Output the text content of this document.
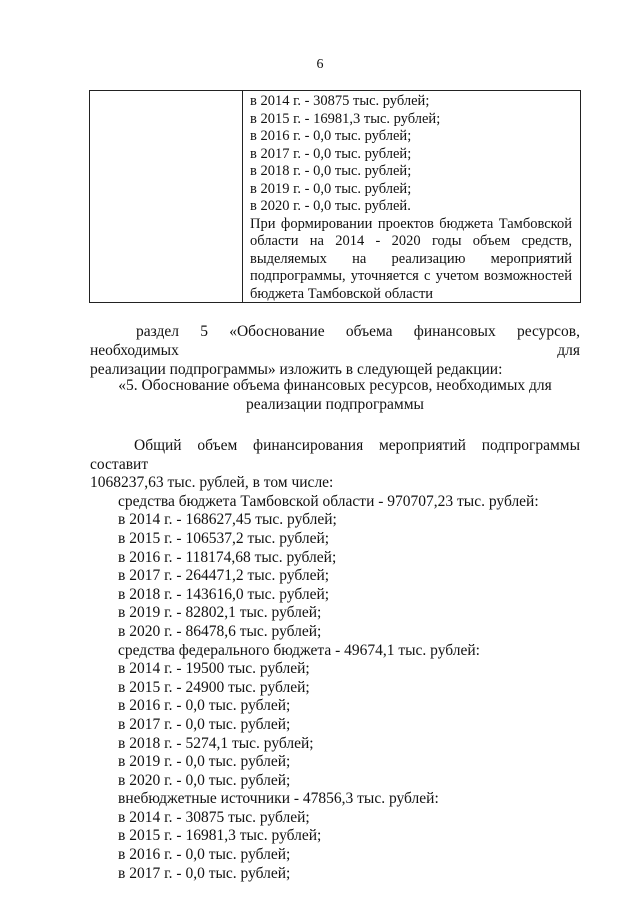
6
в 2014 г. - 30875 тыс. рублей;
в 2015 г. - 16981,3 тыс. рублей;
в 2016 г. - 0,0 тыс. рублей;
в 2017 г. - 0,0 тыс. рублей;
в 2018 г. - 0,0 тыс. рублей;
в 2019 г. - 0,0 тыс. рублей;
в 2020 г. - 0,0 тыс. рублей.
При формировании проектов бюджета Тамбовской
области на 2014 - 2020 годы объем средств,
выделяемых на реализацию мероприятий
подпрограммы, уточняется с учетом возможностей
бюджета Тамбовской области
раздел 5 «Обоснование объема финансовых ресурсов, необходимых для
реализации подпрограммы» изложить в следующей редакции:
«5. Обоснование объема финансовых ресурсов, необходимых для
реализации подпрограммы
Общий объем финансирования мероприятий подпрограммы составит
1068237,63 тыс. рублей, в том числе:
средства бюджета Тамбовской области - 970707,23 тыс. рублей:
в 2014 г. - 168627,45 тыс. рублей;
в 2015 г. - 106537,2 тыс. рублей;
в 2016 г. - 118174,68 тыс. рублей;
в 2017 г. - 264471,2 тыс. рублей;
в 2018 г. - 143616,0 тыс. рублей;
в 2019 г. - 82802,1 тыс. рублей;
в 2020 г. - 86478,6 тыс. рублей;
средства федерального бюджета - 49674,1 тыс. рублей:
в 2014 г. - 19500 тыс. рублей;
в 2015 г. - 24900 тыс. рублей;
в 2016 г. - 0,0 тыс. рублей;
в 2017 г. - 0,0 тыс. рублей;
в 2018 г. - 5274,1 тыс. рублей;
в 2019 г. - 0,0 тыс. рублей;
в 2020 г. - 0,0 тыс. рублей;
внебюджетные источники - 47856,3 тыс. рублей:
в 2014 г. - 30875 тыс. рублей;
в 2015 г. - 16981,3 тыс. рублей;
в 2016 г. - 0,0 тыс. рублей;
в 2017 г. - 0,0 тыс. рублей;
